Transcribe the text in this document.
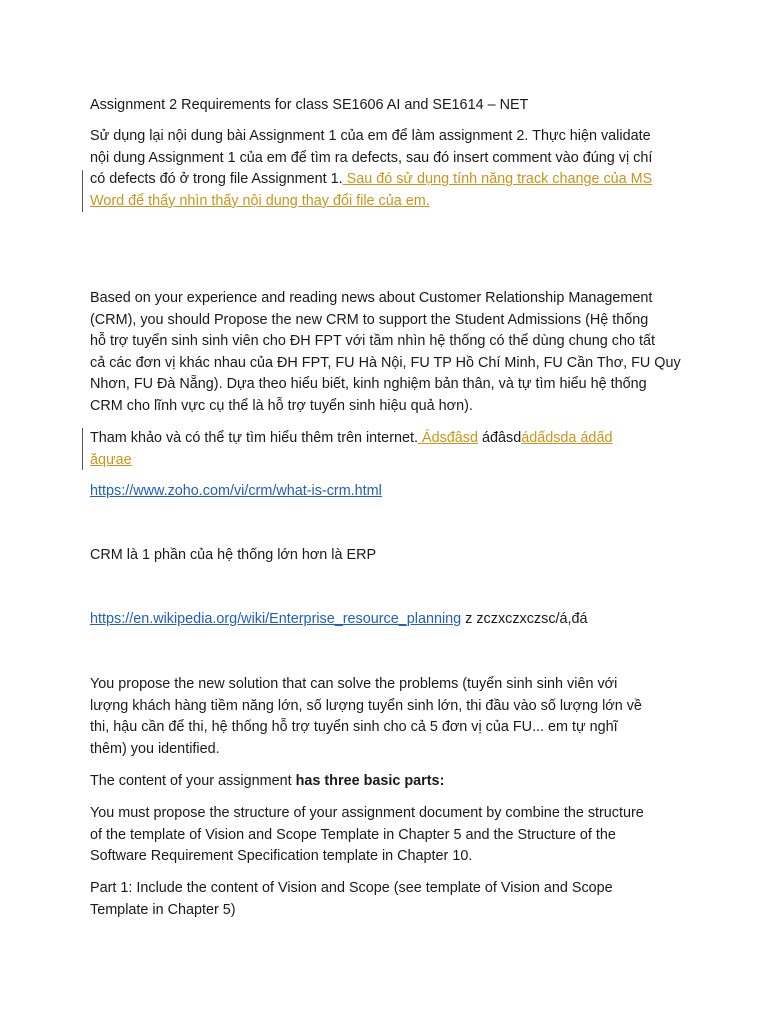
Assignment 2 Requirements for class SE1606 AI and SE1614 – NET

Sử dụng lại nội dung bài Assignment 1 của em để làm assignment 2. Thực hiện validate
nội dung Assignment 1 của em để tìm ra defects, sau đó insert comment vào đúng vị chí
có defects đó ở trong file Assignment 1. Sau đó sử dụng tính năng track change của MS
Word để thấy nhìn thấy nội dung thay đổi file của em.

Based on your experience and reading news about Customer Relationship Management
(CRM), you should Propose the new CRM to support the Student Admissions (Hệ thống
hỗ trợ tuyển sinh sinh viên cho ĐH FPT với tầm nhìn hệ thống có thể dùng chung cho tất
cả các đơn vị khác nhau của ĐH FPT, FU Hà Nội, FU TP Hồ Chí Minh, FU Cần Thơ, FU Quy
Nhơn, FU Đà Nẵng). Dựa theo hiểu biết, kinh nghiệm bản thân, và tự tìm hiểu hệ thống
CRM cho lĩnh vực cụ thể là hỗ trợ tuyển sinh hiệu quả hơn).

Tham khảo và có thể tự tìm hiểu thêm trên internet. Ádsđâsd áđâsdádấdsda ádấd
ăqưae

https://www.zoho.com/vi/crm/what-is-crm.html

CRM là 1 phần của hệ thống lớn hơn là ERP

https://en.wikipedia.org/wiki/Enterprise_resource_planning z zczxczxczsc/á,đá

You propose the new solution that can solve the problems (tuyển sinh sinh viên với
lượng khách hàng tiềm năng lớn, số lượng tuyển sinh lớn, thi đầu vào số lượng lớn về
thi, hậu cần để thi, hệ thống hỗ trợ tuyển sinh cho cả 5 đơn vị của FU... em tự nghĩ
thêm) you identified.

The content of your assignment has three basic parts:

You must propose the structure of your assignment document by combine the structure
of the template of Vision and Scope Template in Chapter 5 and the Structure of the
Software Requirement Specification template in Chapter 10.

Part 1: Include the content of Vision and Scope (see template of Vision and Scope
Template in Chapter 5)
